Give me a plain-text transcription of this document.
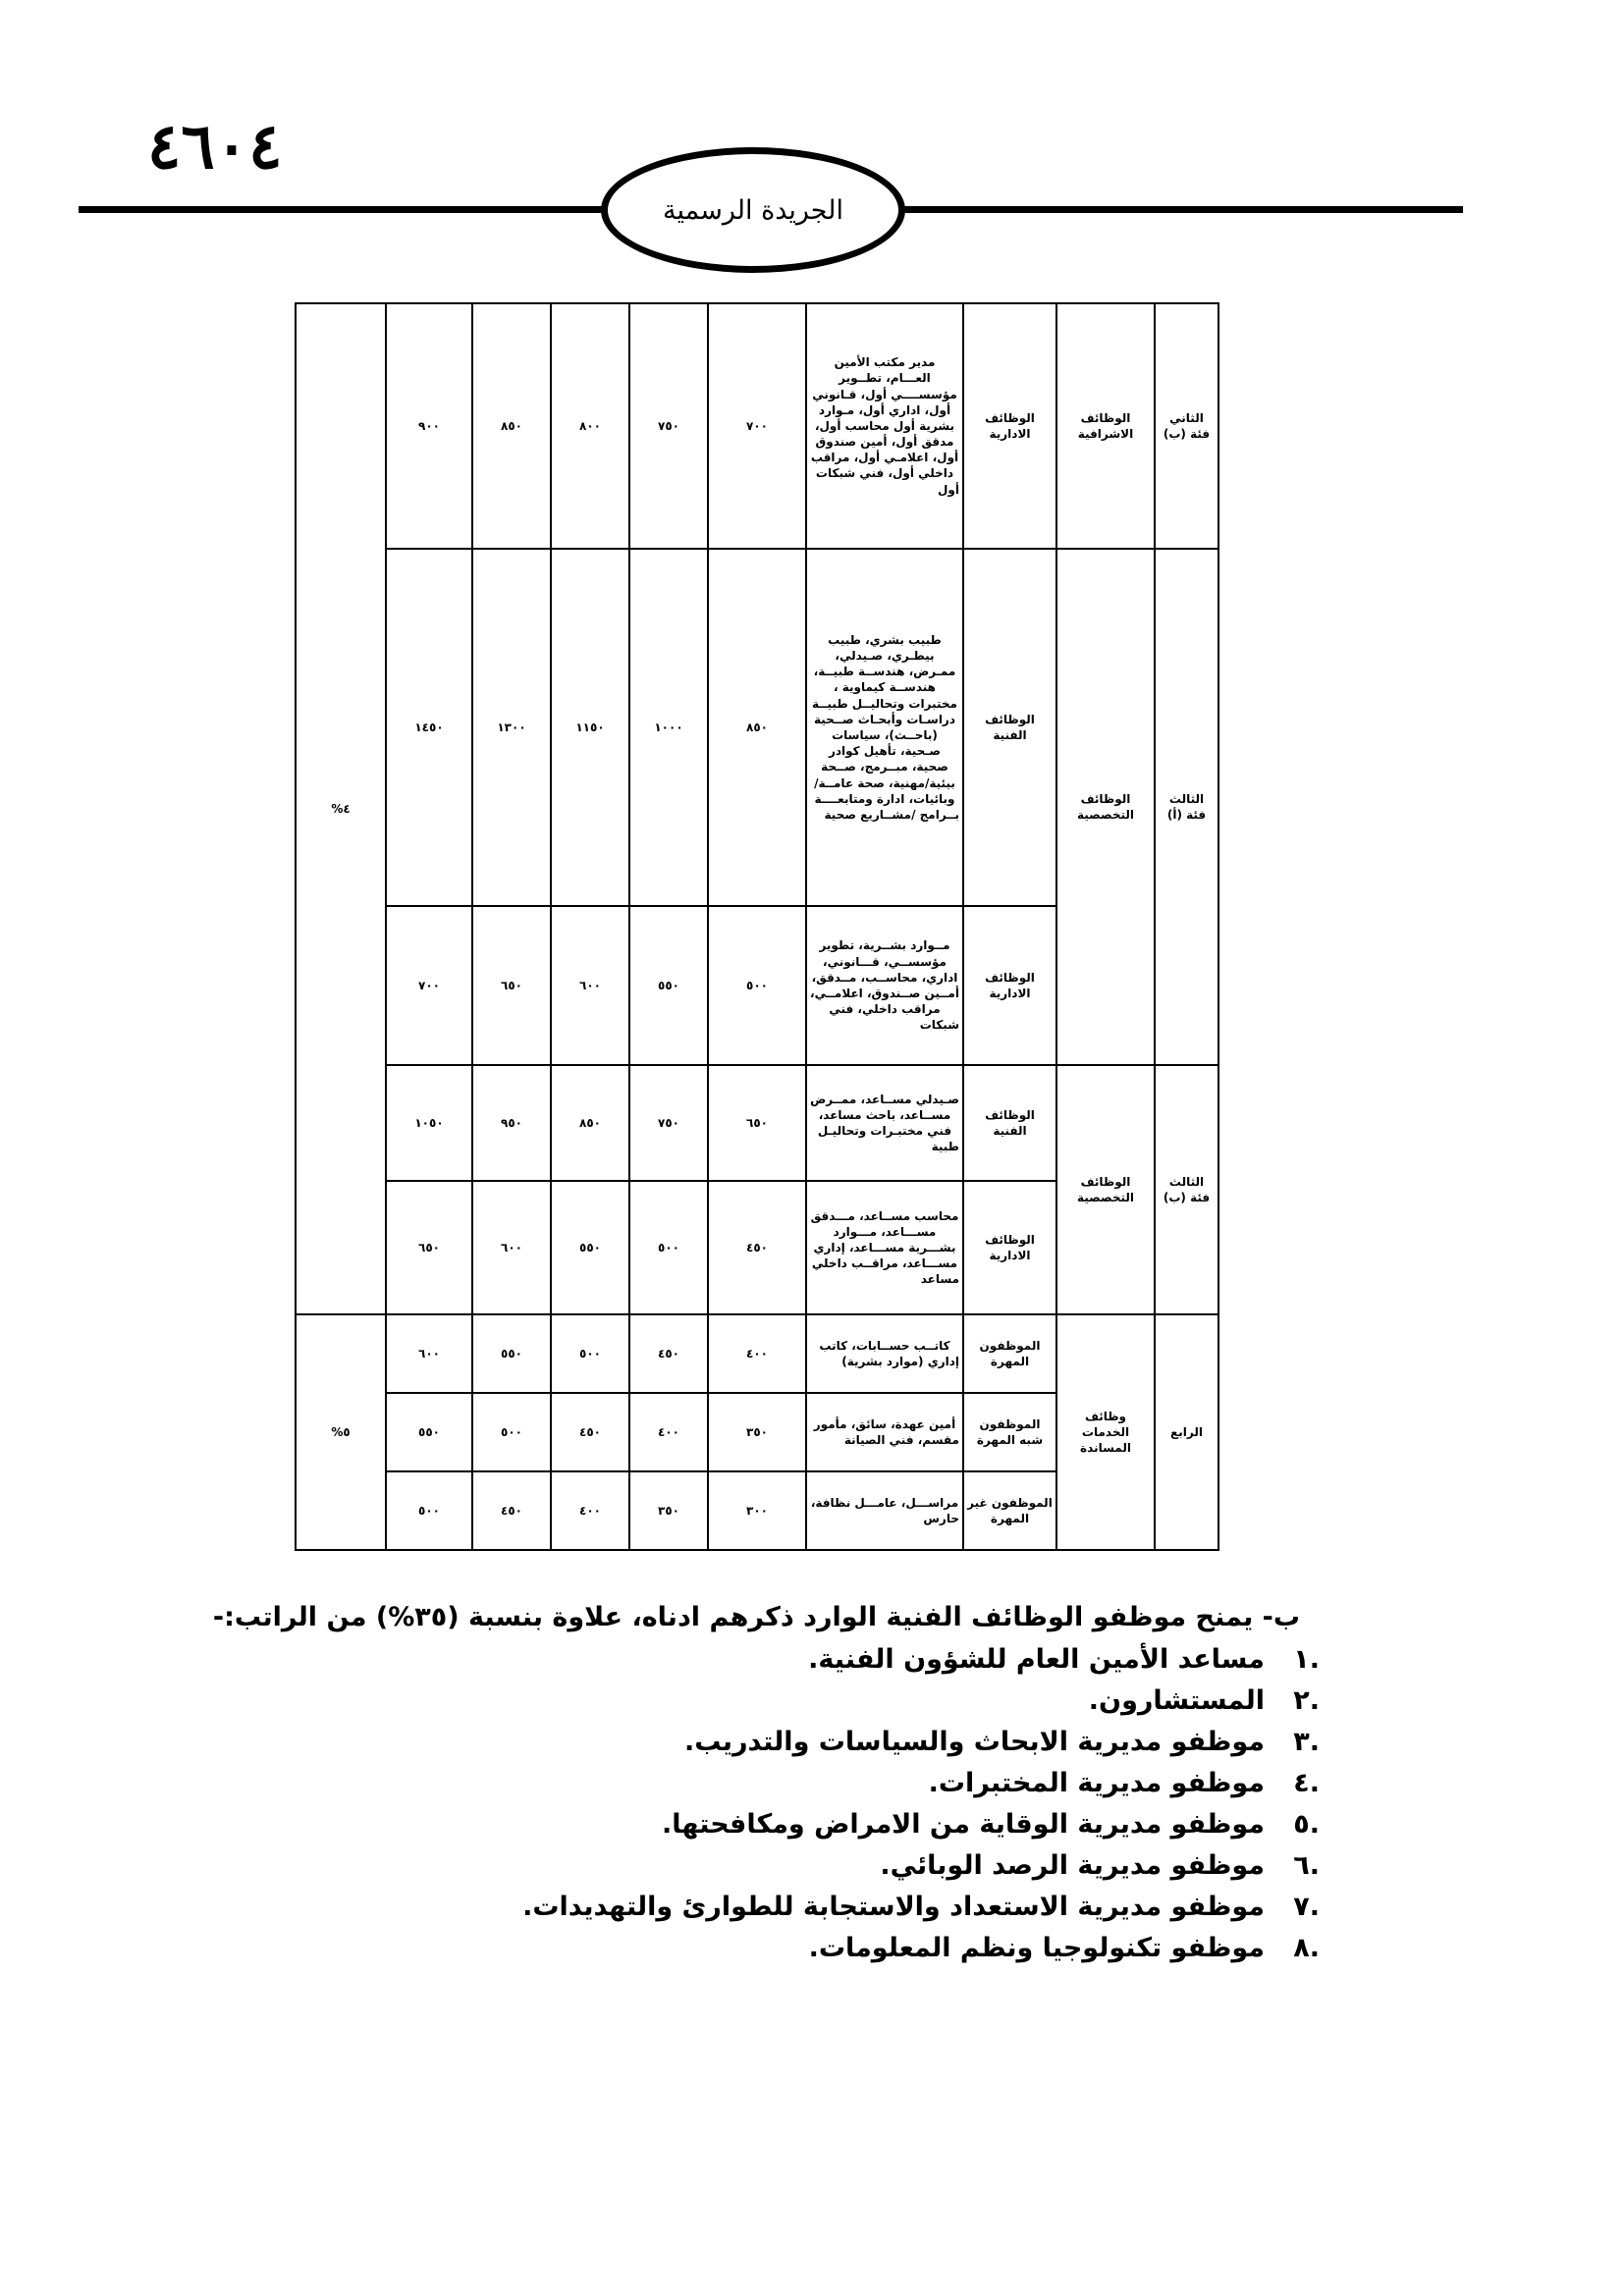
٤٦٠٤
الجريدة الرسمية
الثاني فئة (ب)	الوظائف الاشرافية	الوظائف الادارية	مدير مكتب الأمين العـــام، تطــوير مؤسســــي أول، قـانوني أول، اداري أول، مـوارد بشرية أول محاسب أول، مدقق أول، أمين صندوق أول، اعلامـي أول، مراقب داخلي أول، فني شبكات أول	٧٠٠	٧٥٠	٨٠٠	٨٥٠	٩٠٠	٤%
الثالث فئة (أ)	الوظائف التخصصية	الوظائف الفنية	طبيب بشري، طبيب بيطـري، صـيدلي، ممـرض، هندســة طبيــة، هندســة كيماوية ، مختبرات وتحاليــل طبيــة دراسـات وأبحـاث صــحية (باحــث)، سياسات صـحية، تأهيل كوادر صحية، مبــرمج، صــحة بيئية/مهنية، صحة عامــة/وبائيات، ادارة ومتابعــــة بــرامج /مشــاريع صحية	٨٥٠	١٠٠٠	١١٥٠	١٣٠٠	١٤٥٠	
		الوظائف الادارية	مــوارد بشــرية، تطوير مؤسســي، قـــانوني، اداري، محاســب، مــدقق، أمــين صــندوق، اعلامــي، مراقب داخلي، فني شبكات	٥٠٠	٥٥٠	٦٠٠	٦٥٠	٧٠٠	
الثالث فئة (ب)	الوظائف التخصصية	الوظائف الفنية	صـيدلي مســاعد، ممــرض مســاعد، باحث مساعد، فني مختبـرات وتحاليـل طبية	٦٥٠	٧٥٠	٨٥٠	٩٥٠	١٠٥٠	
		الوظائف الادارية	محاسب مســاعد، مـــدقق مســـاعد، مـــوارد بشـــرية مســـاعد، إداري مســـاعد، مراقــب داخلي مساعد	٤٥٠	٥٠٠	٥٥٠	٦٠٠	٦٥٠	
الرابع	وظائف الخدمات المساندة	الموظفون المهرة	كاتــب حســابات، كاتب إداري (موارد بشرية)	٤٠٠	٤٥٠	٥٠٠	٥٥٠	٦٠٠	٥%
		الموظفون شبه المهرة	أمين عهدة، سائق، مأمور مقسم، فني الصيانة	٣٥٠	٤٠٠	٤٥٠	٥٠٠	٥٥٠	
		الموظفون غير المهرة	مراســـل، عامـــل نظافة، حارس	٣٠٠	٣٥٠	٤٠٠	٤٥٠	٥٠٠	
ب- يمنح موظفو الوظائف الفنية الوارد ذكرهم ادناه، علاوة بنسبة (٣٥%) من الراتب:-
.١مساعد الأمين العام للشؤون الفنية.
.٢المستشارون.
.٣موظفو مديرية الابحاث والسياسات والتدريب.
.٤موظفو مديرية المختبرات.
.٥موظفو مديرية الوقاية من الامراض ومكافحتها.
.٦موظفو مديرية الرصد الوبائي.
.٧موظفو مديرية الاستعداد والاستجابة للطوارئ والتهديدات.
.٨موظفو تكنولوجيا ونظم المعلومات.
